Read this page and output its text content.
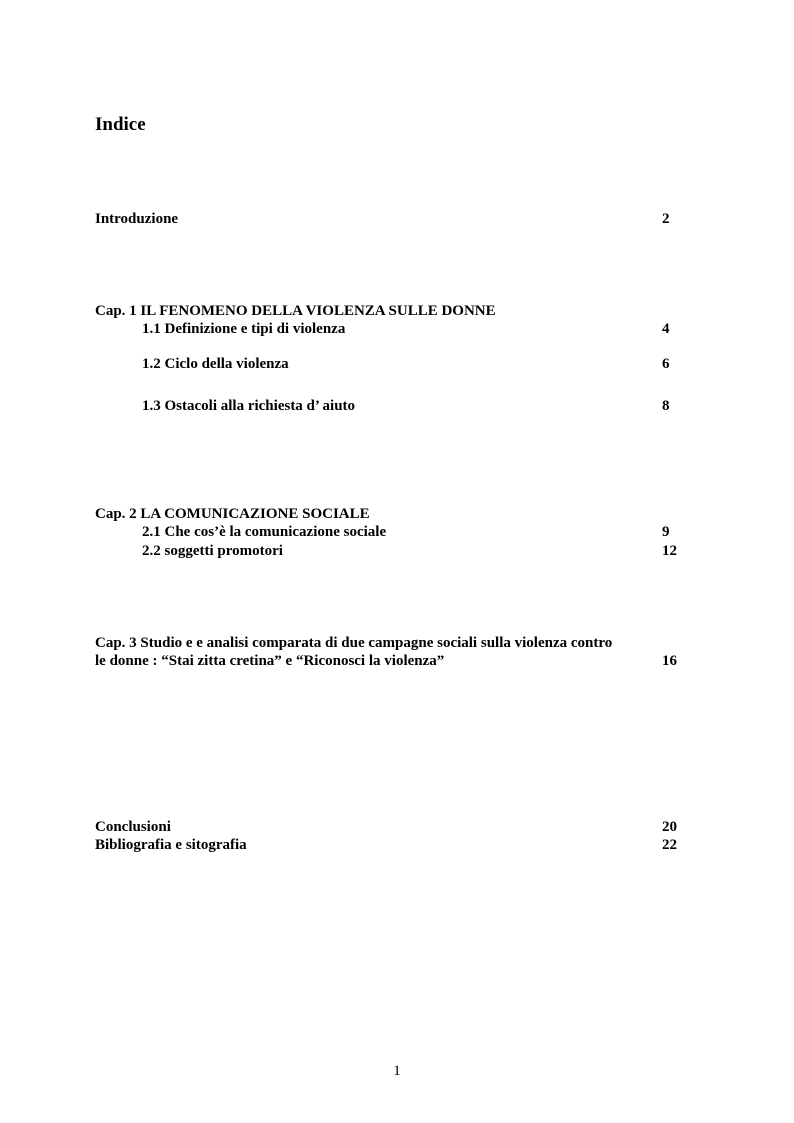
Indice
Introduzione	2
Cap. 1 IL FENOMENO DELLA VIOLENZA SULLE DONNE
1.1 Definizione e tipi di violenza	4
1.2 Ciclo della violenza	6
1.3 Ostacoli alla richiesta d’ aiuto	8
Cap. 2 LA COMUNICAZIONE SOCIALE
2.1 Che cos’è la comunicazione sociale	9
2.2 soggetti promotori	12
Cap. 3 Studio e e analisi comparata di due campagne sociali sulla violenza contro
le donne : “Stai zitta cretina” e “Riconosci la violenza”	16
Conclusioni	20
Bibliografia e sitografia	22
1
